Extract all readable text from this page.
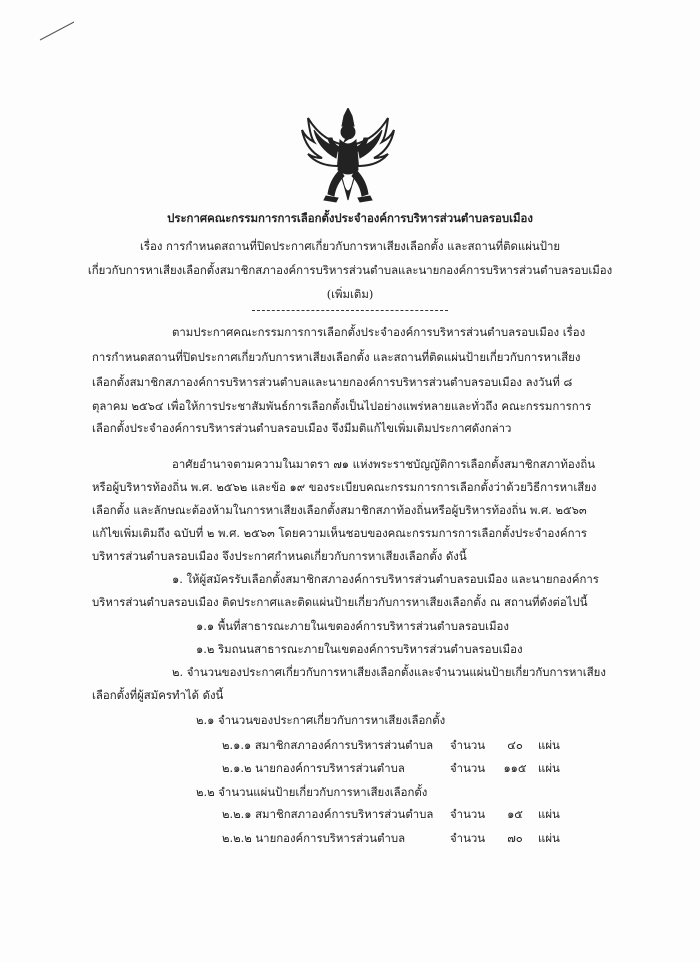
ประกาศคณะกรรมการการเลือกตั้งประจำองค์การบริหารส่วนตำบลรอบเมือง
เรื่อง การกำหนดสถานที่ปิดประกาศเกี่ยวกับการหาเสียงเลือกตั้ง และสถานที่ติดแผ่นป้าย
เกี่ยวกับการหาเสียงเลือกตั้งสมาชิกสภาองค์การบริหารส่วนตำบลและนายกองค์การบริหารส่วนตำบลรอบเมือง
(เพิ่มเติม)
ตามประกาศคณะกรรมการการเลือกตั้งประจำองค์การบริหารส่วนตำบลรอบเมือง เรื่อง
การกำหนดสถานที่ปิดประกาศเกี่ยวกับการหาเสียงเลือกตั้ง และสถานที่ติดแผ่นป้ายเกี่ยวกับการหาเสียง
เลือกตั้งสมาชิกสภาองค์การบริหารส่วนตำบลและนายกองค์การบริหารส่วนตำบลรอบเมือง ลงวันที่ ๘
ตุลาคม ๒๕๖๔ เพื่อให้การประชาสัมพันธ์การเลือกตั้งเป็นไปอย่างแพร่หลายและทั่วถึง คณะกรรมการการ
เลือกตั้งประจำองค์การบริหารส่วนตำบลรอบเมือง จึงมีมติแก้ไขเพิ่มเติมประกาศดังกล่าว
อาศัยอำนาจตามความในมาตรา ๗๑ แห่งพระราชบัญญัติการเลือกตั้งสมาชิกสภาท้องถิ่น
หรือผู้บริหารท้องถิ่น พ.ศ. ๒๕๖๒ และข้อ ๑๙ ของระเบียบคณะกรรมการการเลือกตั้งว่าด้วยวิธีการหาเสียง
เลือกตั้ง และลักษณะต้องห้ามในการหาเสียงเลือกตั้งสมาชิกสภาท้องถิ่นหรือผู้บริหารท้องถิ่น พ.ศ. ๒๕๖๓
แก้ไขเพิ่มเติมถึง ฉบับที่ ๒ พ.ศ. ๒๕๖๓ โดยความเห็นชอบของคณะกรรมการการเลือกตั้งประจำองค์การ
บริหารส่วนตำบลรอบเมือง จึงประกาศกำหนดเกี่ยวกับการหาเสียงเลือกตั้ง ดังนี้
๑. ให้ผู้สมัครรับเลือกตั้งสมาชิกสภาองค์การบริหารส่วนตำบลรอบเมือง และนายกองค์การ
บริหารส่วนตำบลรอบเมือง ติดประกาศและติดแผ่นป้ายเกี่ยวกับการหาเสียงเลือกตั้ง ณ สถานที่ดังต่อไปนี้
๑.๑ พื้นที่สาธารณะภายในเขตองค์การบริหารส่วนตำบลรอบเมือง
๑.๒ ริมถนนสาธารณะภายในเขตองค์การบริหารส่วนตำบลรอบเมือง
๒. จำนวนของประกาศเกี่ยวกับการหาเสียงเลือกตั้งและจำนวนแผ่นป้ายเกี่ยวกับการหาเสียง
เลือกตั้งที่ผู้สมัครทำได้ ดังนี้
๒.๑ จำนวนของประกาศเกี่ยวกับการหาเสียงเลือกตั้ง
๒.๑.๑ สมาชิกสภาองค์การบริหารส่วนตำบล จำนวน	๔๐	แผ่น
๒.๑.๒ นายกองค์การบริหารส่วนตำบล	จำนวน	๑๑๕	แผ่น
๒.๒ จำนวนแผ่นป้ายเกี่ยวกับการหาเสียงเลือกตั้ง
๒.๒.๑ สมาชิกสภาองค์การบริหารส่วนตำบล จำนวน	๑๕	แผ่น
๒.๒.๒ นายกองค์การบริหารส่วนตำบล	จำนวน	๗๐	แผ่น
